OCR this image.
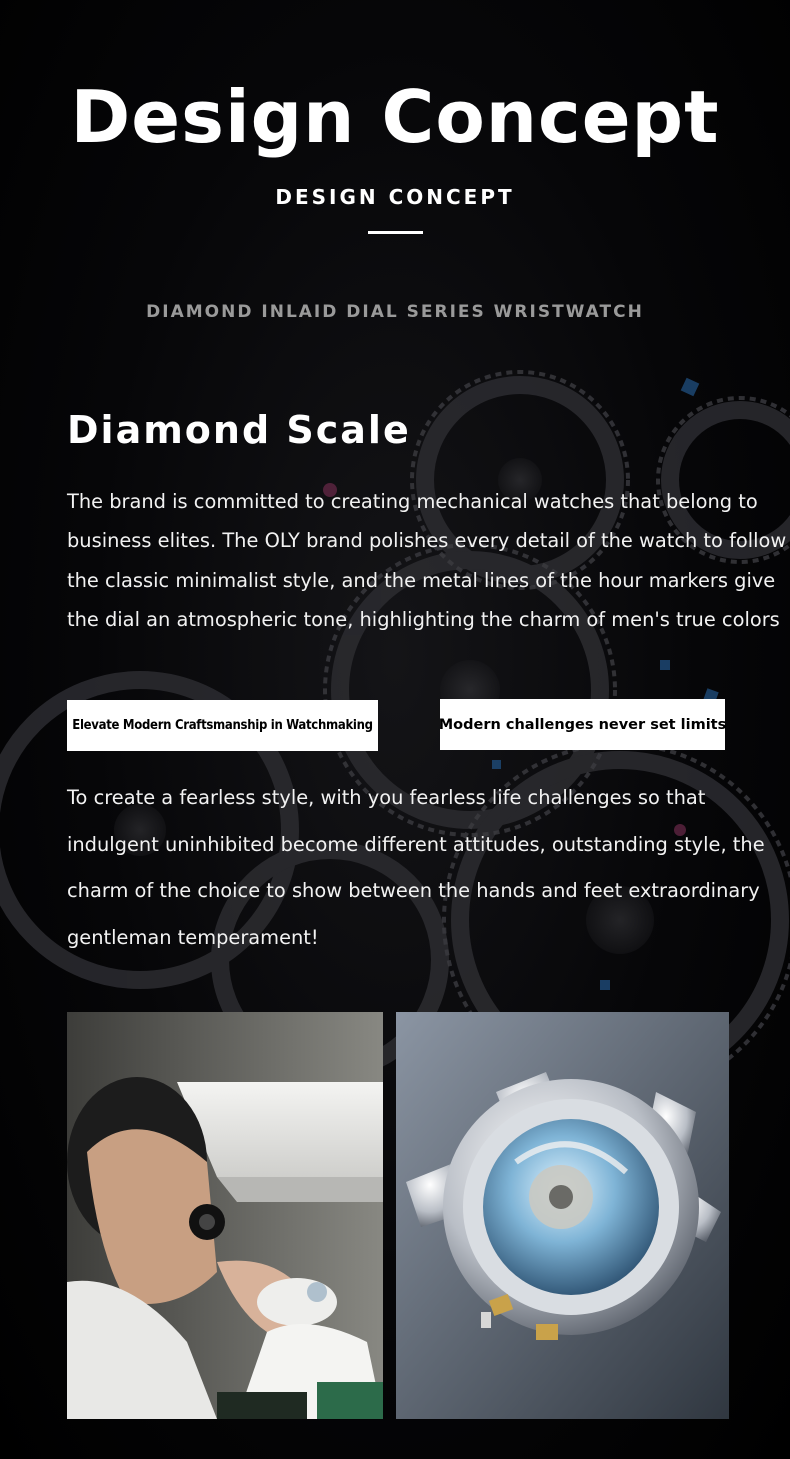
Design Concept
DESIGN CONCEPT
DIAMOND INLAID DIAL SERIES WRISTWATCH
Diamond Scale
The brand is committed to creating mechanical watches that belong to business elites. The OLY brand polishes every detail of the watch to follow the classic minimalist style, and the metal lines of the hour markers give the dial an atmospheric tone, highlighting the charm of men's true colors
Elevate Modern Craftsmanship in Watchmaking	Modern challenges never set limits
To create a fearless style, with you fearless life challenges so that indulgent uninhibited become different attitudes, outstanding style, the charm of the choice to show between the hands and feet extraordinary gentleman temperament!
